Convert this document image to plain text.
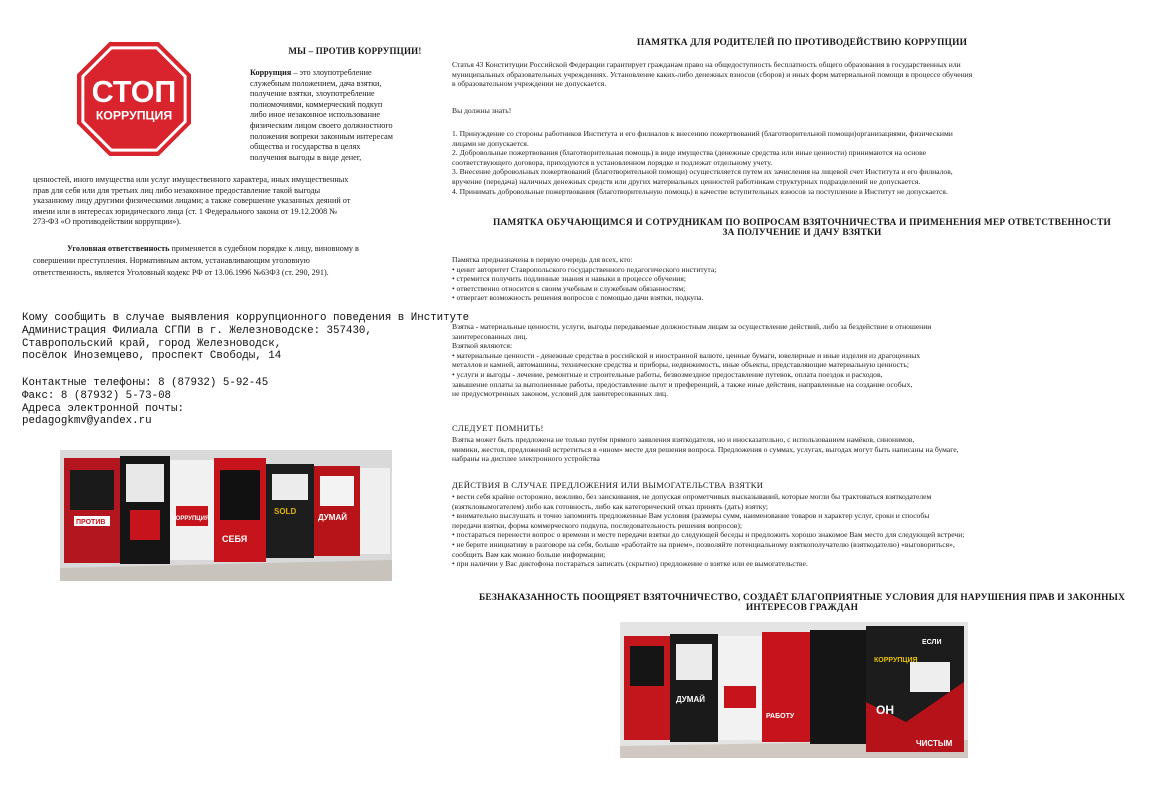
СТОП
КОРРУПЦИЯ
МЫ – ПРОТИВ КОРРУПЦИИ!
Коррупция – это злоупотребление
служебным положением, дача взятки,
получение взятки, злоупотребление
полномочиями, коммерческий подкуп
либо иное незаконное использование
физическим лицом своего должностного
положения вопреки законным интересам
общества и государства в целях
получения выгоды в виде денег,
ценностей, иного имущества или услуг имущественного характера, иных имущественных
прав для себя или для третьих лиц либо незаконное предоставление такой выгоды
указанному лицу другими физическими лицами; а также совершение указанных деяний от
имени или в интересах юридического лица (ст. 1 Федерального закона от 19.12.2008 №
273-ФЗ «О противодействии коррупции»).

Уголовная ответственность применяется в судебном порядке к лицу, виновному в

совершении преступления. Нормативным актом, устанавливающим уголовную
ответственность, является Уголовный кодекс РФ от 13.06.1996 №63ФЗ (ст. 290, 291).
Кому сообщить в случае выявления коррупционного поведения в Институте
Администрация Филиала СГПИ в г. Железноводске: 357430,
Ставропольский край, город Железноводск,
посёлок Иноземцево, проспект Свободы, 14
Контактные телефоны: 8 (87932) 5-92-45
Факс: 8 (87932) 5-73-08
Адреса электронной почты:
pedagogkmv@yandex.ru
ПРОТИВ	КОРРУПЦИЯ
СЕБЯ
SOLD
ДУМАЙ
ПАМЯТКА ДЛЯ РОДИТЕЛЕЙ ПО ПРОТИВОДЕЙСТВИЮ КОРРУПЦИИ
Статья 43 Конституции Российской Федерации гарантирует гражданам право на общедоступность бесплатность общего образования в государственных или
муниципальных образовательных учреждениях. Установление каких-либо денежных взносов (сборов) и иных форм материальной помощи в процессе обучения
в образовательном учреждении не допускается.
Вы должны знать!
1. Принуждение со стороны работников Института и его филиалов к внесению пожертвований (благотворительной помощи)организациями, физическими
лицами не допускается.
2. Добровольные пожертвования (благотворительная помощь) в виде имущества (денежные средства или иные ценности) принимаются на основе
соответствующего договора, приходуются в установленном порядке и подлежат отдельному учету.
3. Внесение добровольных пожертвований (благотворительной помощи) осуществляется путем их зачисления на лицевой счет Института и его филиалов,
вручение (передача) наличных денежных средств или других материальных ценностей работникам структурных подразделений не допускается.
4. Принимать добровольные пожертвования (благотворительную помощь) в качестве вступительных взносов за поступление в Институт не допускается.
ПАМЯТКА ОБУЧАЮЩИМСЯ И СОТРУДНИКАМ ПО ВОПРОСАМ ВЗЯТОЧНИЧЕСТВА И ПРИМЕНЕНИЯ МЕР ОТВЕТСТВЕННОСТИ
ЗА ПОЛУЧЕНИЕ И ДАЧУ ВЗЯТКИ
Памятка предназначена в первую очередь для всех, кто:
• ценит авторитет Ставропольского государственного педагогического института;
• стремится получить подлинные знания и навыки в процессе обучения;
• ответственно относится к своим учебным и служебным обязанностям;
• отвергает возможность решения вопросов с помощью дачи взятки, подкупа.
Взятка - материальные ценности, услуги, выгоды передаваемые должностным лицам за осуществление действий, либо за бездействие в отношении
заинтересованных лиц.
Взяткой являются:
• материальные ценности - денежные средства в российской и иностранной валюте, ценные бумаги, ювелирные и иные изделия из драгоценных
металлов и камней, автомашины, технические средства и приборы, недвижимость, иные объекты, представляющие материальную ценность;
• услуги и выгоды - лечение, ремонтные и строительные работы, безвозмездное предоставление путевок, оплата поездок и расходов,
завышение оплаты за выполненные работы, предоставление льгот и преференций, а также иные действия, направленные на создание особых,
не предусмотренных законом, условий для заинтересованных лиц.
СЛЕДУЕТ ПОМНИТЬ!
Взятка может быть предложена не только путём прямого заявления взяткодателя, но и иносказательно, с использованием намёков, синонимов,
мимики, жестов, предложений встретиться в «ином» месте для решения вопроса. Предложения о суммах, услугах, выгодах могут быть написаны на бумаге,
набраны на дисплее электронного устройства
ДЕЙСТВИЯ В СЛУЧАЕ ПРЕДЛОЖЕНИЯ ИЛИ ВЫМОГАТЕЛЬСТВА ВЗЯТКИ
• вести себя крайне осторожно, вежливо, без заискивания, не допуская опрометчивых высказываний, которые могли бы трактоваться взяткодателем
(взяткловымогателем) либо как готовность, либо как категорический отказ принять (дать) взятку;
• внимательно выслушать и точно запомнить предложенные Вам условия (размеры сумм, наименование товаров и характер услуг, сроки и способы
передачи взятки, форма коммерческого подкупа, последовательность решения вопросов);
• постараться перенести вопрос о времени и месте передачи взятки до следующей беседы и предложить хорошо знакомое Вам место для следующей встречи;
• не берите инициативу в разговоре на себя, больше «работайте на прием», позволяйте потенциальному взяткополучателю (взяткодателю) «выговориться»,
сообщить Вам как можно больше информации;
• при наличии у Вас диктофона постараться записать (скрытно) предложение о взятке или ее вымогательстве.
БЕЗНАКАЗАННОСТЬ ПООЩРЯЕТ ВЗЯТОЧНИЧЕСТВО, СОЗДАЁТ БЛАГОПРИЯТНЫЕ УСЛОВИЯ ДЛЯ НАРУШЕНИЯ ПРАВ И ЗАКОННЫХ
ИНТЕРЕСОВ ГРАЖДАН
ДУМАЙ
КОРРУПЦИЯ
РАБОТУ	ОН
ЕСЛИ
ЧИСТЫМ
